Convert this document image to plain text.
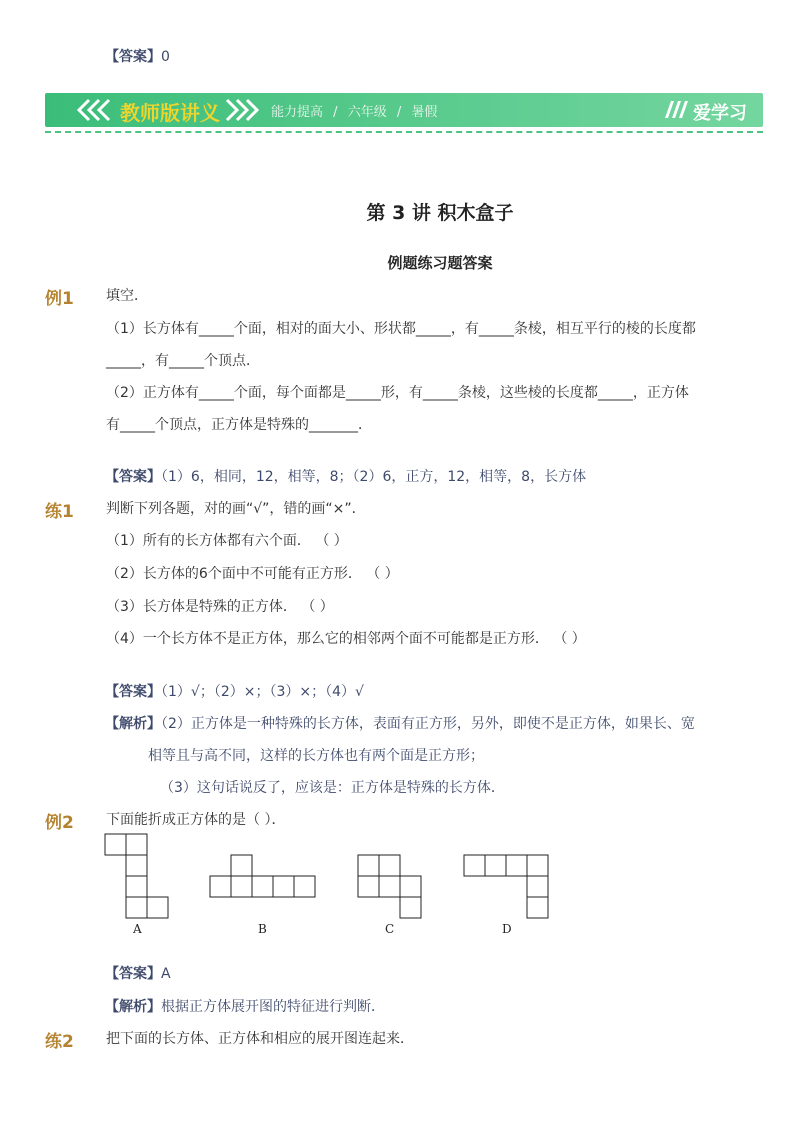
【答案】0
教师版讲义	能力提高 / 六年级 / 暑假	爱学习
第 3 讲 积木盒子
例题练习题答案
例1 填空．
（1）长方体有_____个面，相对的面大小、形状都_____，有_____条棱，相互平行的棱的长度都
_____，有_____个顶点．
（2）正方体有_____个面，每个面都是_____形，有_____条棱，这些棱的长度都_____，正方体
有_____个顶点，正方体是特殊的_______．
【答案】（1）6，相同，12，相等，8；（2）6，正方，12，相等，8，长方体
练1 判断下列各题，对的画“√”，错的画“×”．
（1）所有的长方体都有六个面． （ ）
（2）长方体的6个面中不可能有正方形． （ ）
（3）长方体是特殊的正方体． （ ）
（4）一个长方体不是正方体，那么它的相邻两个面不可能都是正方形． （ ）
【答案】（1）√；（2）×；（3）×；（4）√
【解析】（2）正方体是一种特殊的长方体，表面有正方形，另外，即使不是正方体，如果长、宽
相等且与高不同，这样的长方体也有两个面是正方形；
（3）这句话说反了，应该是：正方体是特殊的长方体．
例2 下面能折成正方体的是（ ）．
A	B	C	D
【答案】A
【解析】根据正方体展开图的特征进行判断．
练2 把下面的长方体、正方体和相应的展开图连起来．
